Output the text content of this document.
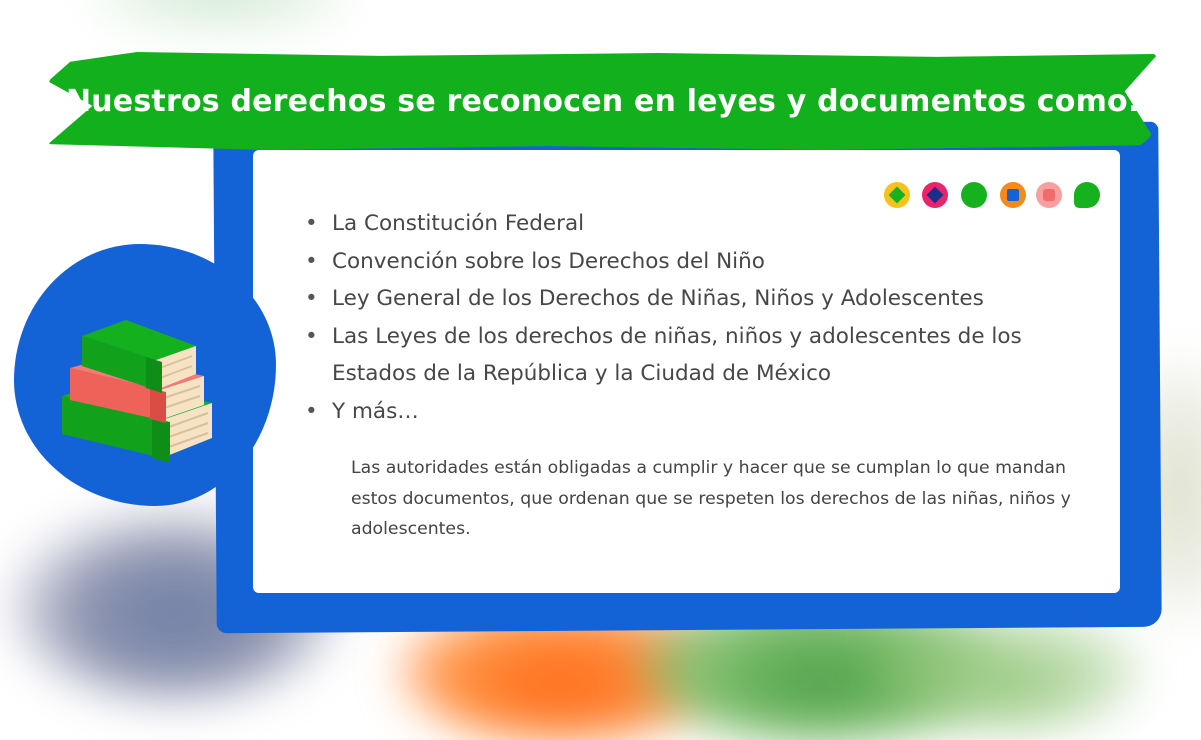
Nuestros derechos se reconocen en leyes y documentos como:
• La Constitución Federal
• Convención sobre los Derechos del Niño
• Ley General de los Derechos de Niñas, Niños y Adolescentes
• Las Leyes de los derechos de niñas, niños y adolescentes de los Estados de la República y la Ciudad de México
• Y más…

Las autoridades están obligadas a cumplir y hacer que se cumplan lo que mandan estos documentos, que ordenan que se respeten los derechos de las niñas, niños y adolescentes.
